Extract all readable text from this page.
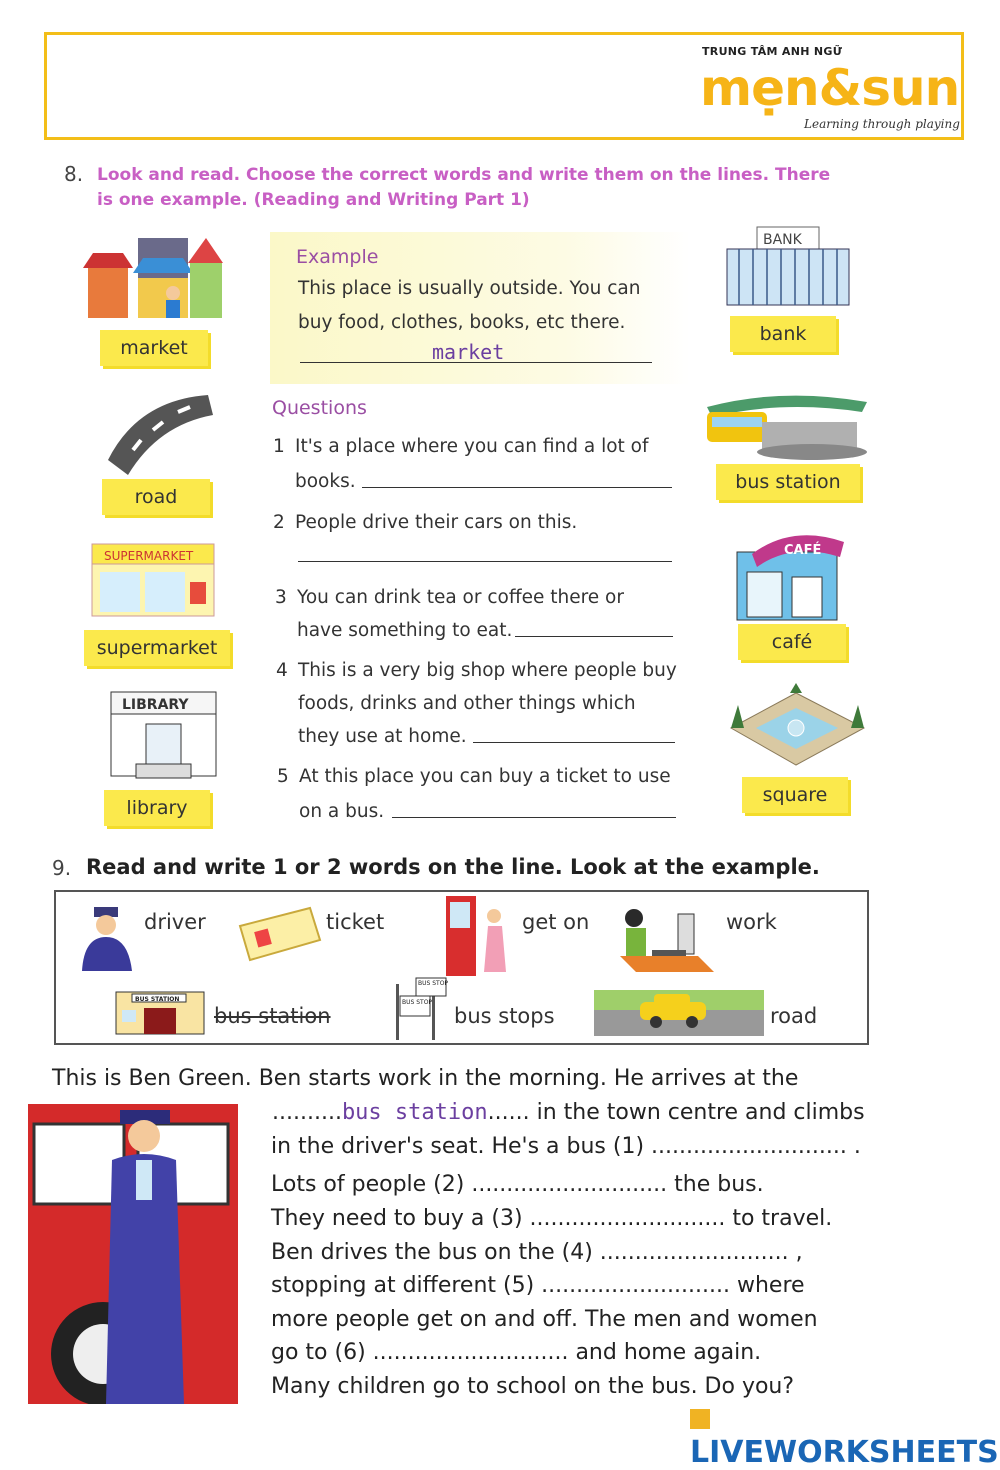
TRUNG TÂM ANH NGỮ
mẹn&sun
Learning through playing
8. Look and read. Choose the correct words and write them on the lines. There is one example. (Reading and Writing Part 1)
market
road
SUPERMARKET
supermarket
LIBRARY
library
Example
This place is usually outside. You can
buy food, clothes, books, etc there.
market
Questions
1 It's a place where you can find a lot of
books.
2 People drive their cars on this.
3 You can drink tea or coffee there or
have something to eat.
4 This is a very big shop where people buy
foods, drinks and other things which
they use at home.
5 At this place you can buy a ticket to use
on a bus.
BANK
bank
bus station
CAFÉ
café
square
9. Read and write 1 or 2 words on the line. Look at the example.
driver	ticket	get on	work
BUS STATION
bus station
BUS STOP
BUS STOP
bus stops	road
This is Ben Green. Ben starts work in the morning. He arrives at the
..........bus station...... in the town centre and climbs
in the driver's seat. He's a bus (1) ............................ .
Lots of people (2) ............................ the bus.
They need to buy a (3) ............................ to travel.
Ben drives the bus on the (4) ........................... ,
stopping at different (5) ........................... where
more people get on and off. The men and women
go to (6) ............................ and home again.
Many children go to school on the bus. Do you?
LIVEWORKSHEETS
